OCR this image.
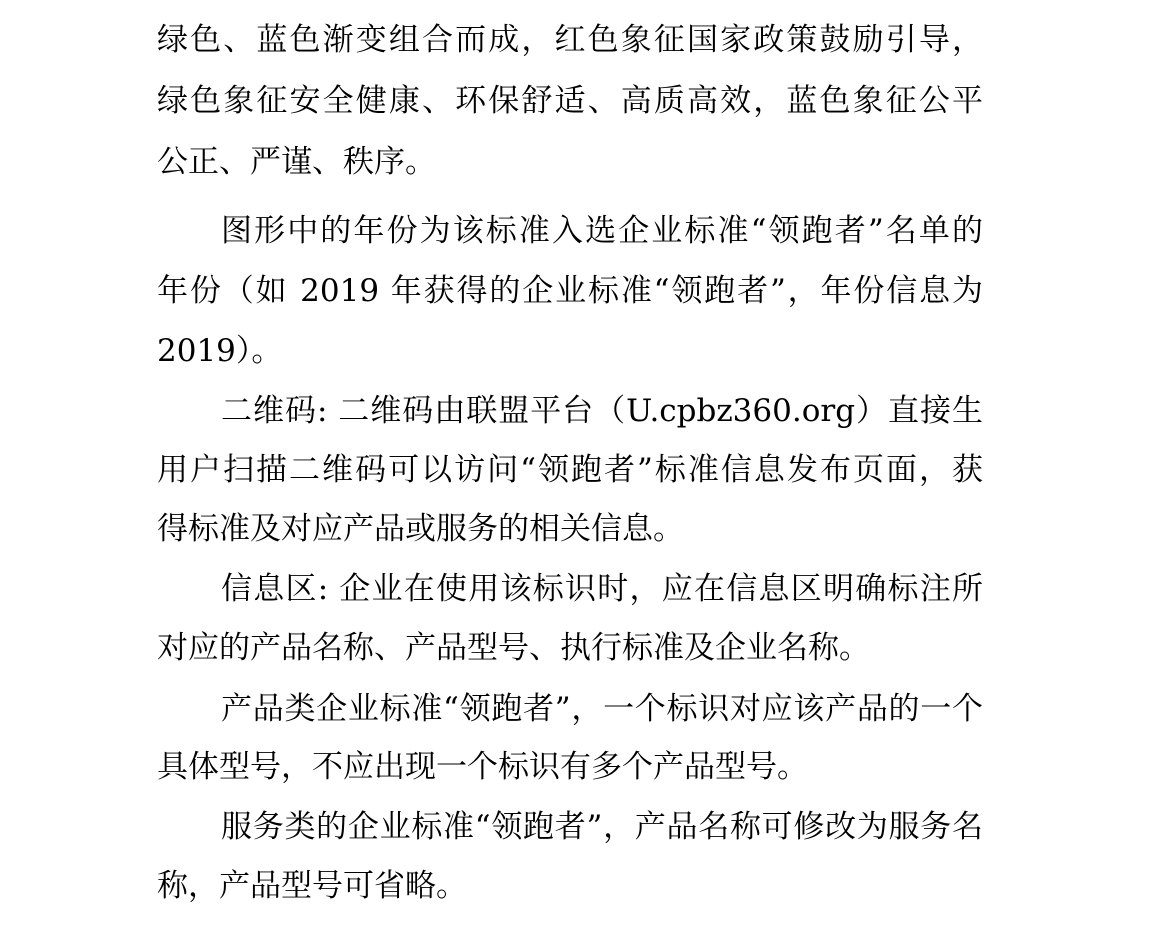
绿色、蓝色渐变组合而成，红色象征国家政策鼓励引导，

绿色象征安全健康、环保舒适、高质高效，蓝色象征公平

公正、严谨、秩序。

图形中的年份为该标准入选企业标准“领跑者”名单的

年份（如 2019 年获得的企业标准“领跑者”，年份信息为

2019）。

二维码: 二维码由联盟平台（U.cpbz360.org）直接生

用户扫描二维码可以访问“领跑者”标准信息发布页面，获

得标准及对应产品或服务的相关信息。

信息区: 企业在使用该标识时，应在信息区明确标注所

对应的产品名称、产品型号、执行标准及企业名称。

产品类企业标准“领跑者”，一个标识对应该产品的一个

具体型号，不应出现一个标识有多个产品型号。

服务类的企业标准“领跑者”，产品名称可修改为服务名

称，产品型号可省略。
